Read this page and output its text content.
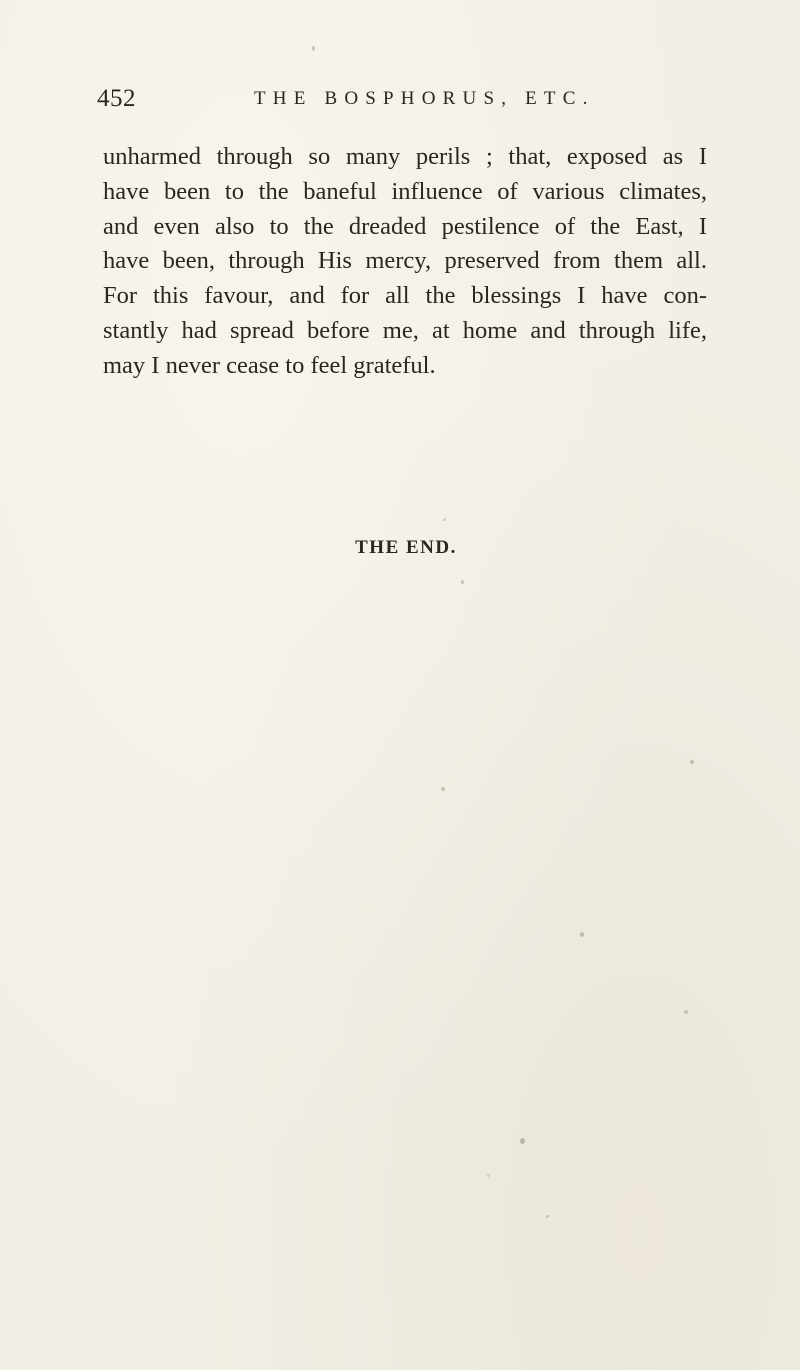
452	THE BOSPHORUS, ETC.
unharmed through so many perils ; that, exposed as I
have been to the baneful influence of various climates,
and even also to the dreaded pestilence of the East, I
have been, through His mercy, preserved from them all.
For this favour, and for all the blessings I have con-
stantly had spread before me, at home and through life,
may I never cease to feel grateful.
THE END.
